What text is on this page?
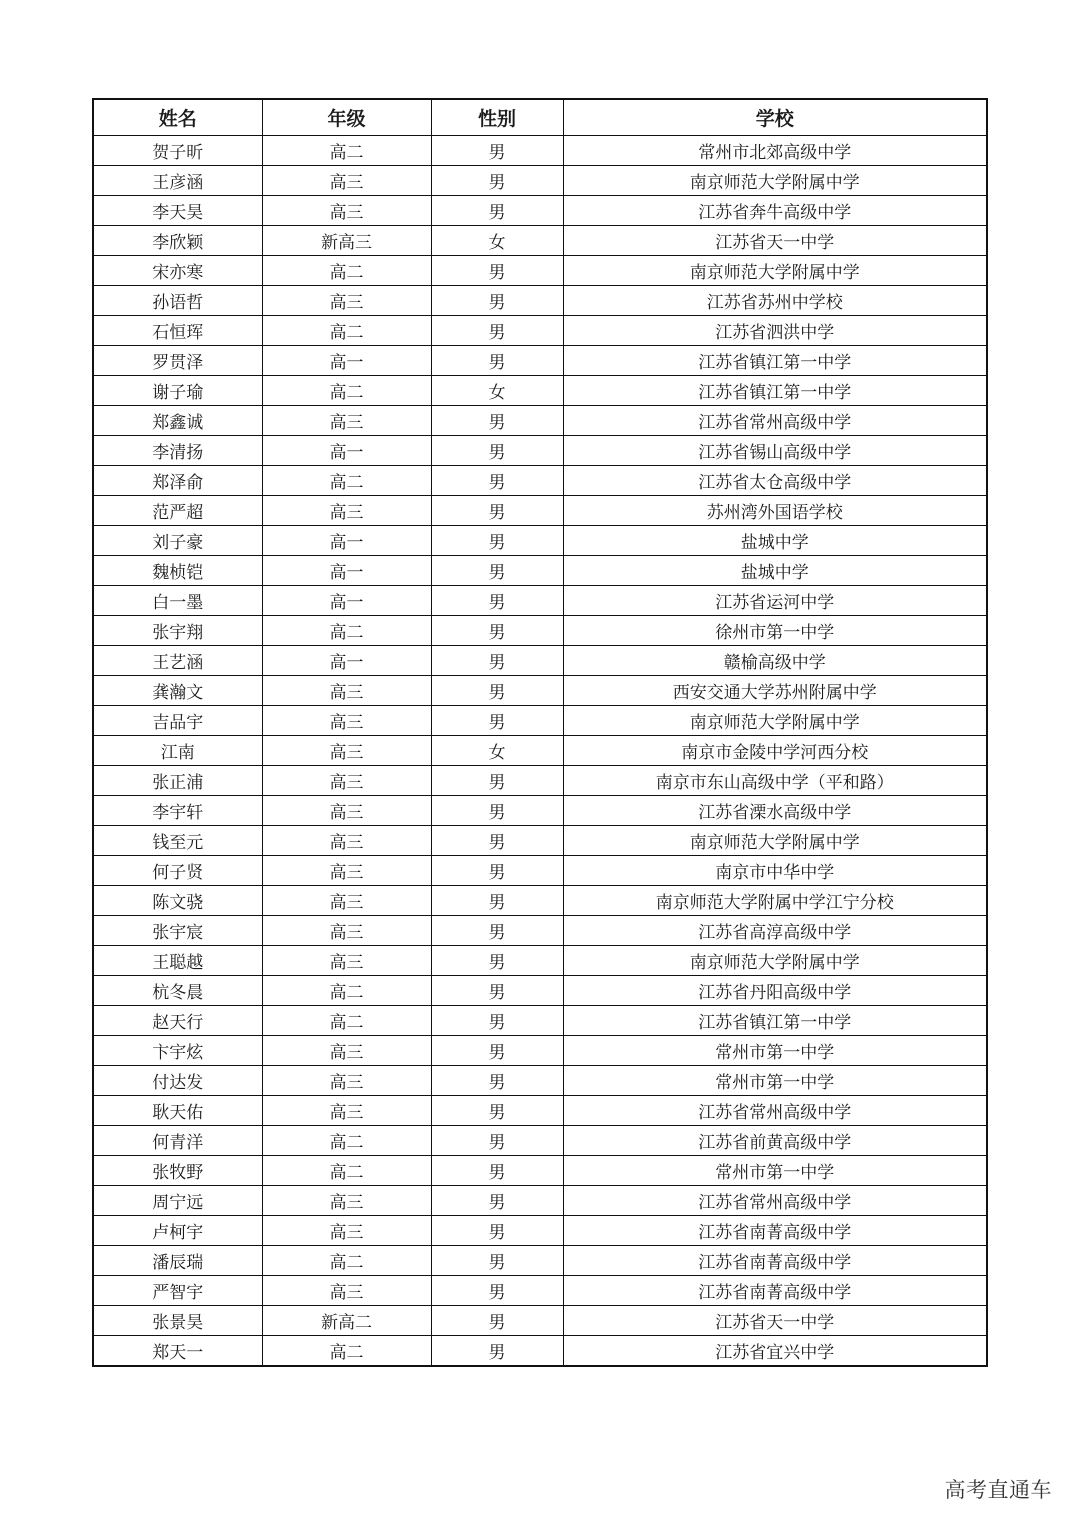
姓名	年级	性别	学校
贺子昕	高二	男	常州市北郊高级中学
王彦涵	高三	男	南京师范大学附属中学
李天昊	高三	男	江苏省奔牛高级中学
李欣颖	新高三	女	江苏省天一中学
宋亦寒	高二	男	南京师范大学附属中学
孙语哲	高三	男	江苏省苏州中学校
石恒珲	高二	男	江苏省泗洪中学
罗贯泽	高一	男	江苏省镇江第一中学
谢子瑜	高二	女	江苏省镇江第一中学
郑鑫诚	高三	男	江苏省常州高级中学
李清扬	高一	男	江苏省锡山高级中学
郑泽俞	高二	男	江苏省太仓高级中学
范严超	高三	男	苏州湾外国语学校
刘子豪	高一	男	盐城中学
魏桢铠	高一	男	盐城中学
白一墨	高一	男	江苏省运河中学
张宇翔	高二	男	徐州市第一中学
王艺涵	高一	男	赣榆高级中学
龚瀚文	高三	男	西安交通大学苏州附属中学
吉品宇	高三	男	南京师范大学附属中学
江南	高三	女	南京市金陵中学河西分校
张正浦	高三	男	南京市东山高级中学（平和路）
李宇轩	高三	男	江苏省溧水高级中学
钱至元	高三	男	南京师范大学附属中学
何子贤	高三	男	南京市中华中学
陈文骁	高三	男	南京师范大学附属中学江宁分校
张宇宸	高三	男	江苏省高淳高级中学
王聪越	高三	男	南京师范大学附属中学
杭冬晨	高二	男	江苏省丹阳高级中学
赵天行	高二	男	江苏省镇江第一中学
卞宇炫	高三	男	常州市第一中学
付达发	高三	男	常州市第一中学
耿天佑	高三	男	江苏省常州高级中学
何青洋	高二	男	江苏省前黄高级中学
张牧野	高二	男	常州市第一中学
周宁远	高三	男	江苏省常州高级中学
卢柯宇	高三	男	江苏省南菁高级中学
潘辰瑞	高二	男	江苏省南菁高级中学
严智宇	高三	男	江苏省南菁高级中学
张景昊	新高二	男	江苏省天一中学
郑天一	高二	男	江苏省宜兴中学
高考直通车
